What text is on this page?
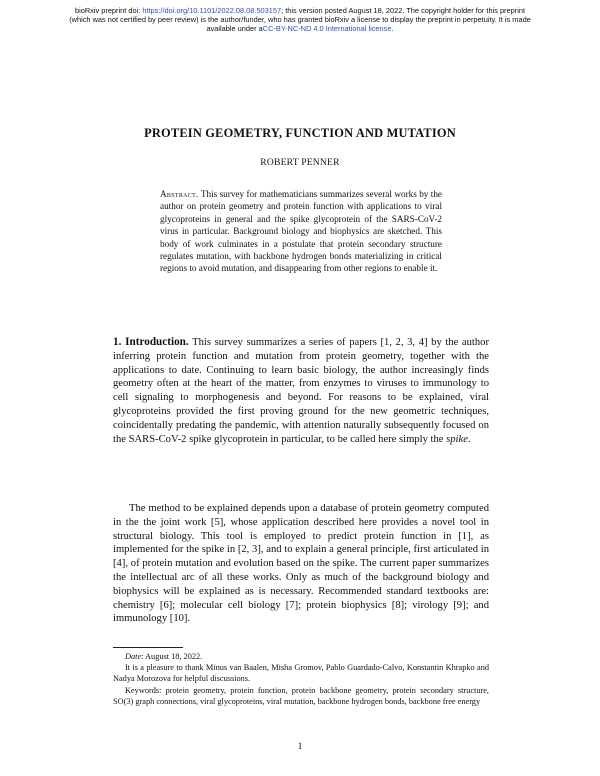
bioRxiv preprint doi: https://doi.org/10.1101/2022.08.08.503157; this version posted August 18, 2022. The copyright holder for this preprint
(which was not certified by peer review) is the author/funder, who has granted bioRxiv a license to display the preprint in perpetuity. It is made
available under aCC-BY-NC-ND 4.0 International license.
PROTEIN GEOMETRY, FUNCTION AND MUTATION
ROBERT PENNER

Abstract. This survey for mathematicians summarizes several works by the author on protein geometry and protein function with applications to viral glycoproteins in general and the spike glycoprotein of the SARS-CoV-2 virus in particular. Background biology and biophysics are sketched. This body of work culminates in a postulate that protein secondary structure regulates mutation, with backbone hydrogen bonds materializing in critical regions to avoid mutation, and disappearing from other regions to enable it.

1. Introduction. This survey summarizes a series of papers [1, 2, 3, 4] by the author inferring protein function and mutation from protein geometry, together with the applications to date. Continuing to learn basic biology, the author increasingly finds geometry often at the heart of the matter, from enzymes to viruses to immunology to cell signaling to morphogenesis and beyond. For reasons to be explained, viral glycoproteins provided the first proving ground for the new geometric techniques, coincidentally predating the pandemic, with attention naturally subsequently focused on the SARS-CoV-2 spike glycoprotein in particular, to be called here simply the spike.

The method to be explained depends upon a database of protein geometry computed in the the joint work [5], whose application described here provides a novel tool in structural biology. This tool is employed to predict protein function in [1], as implemented for the spike in [2, 3], and to explain a general principle, first articulated in [4], of protein mutation and evolution based on the spike. The current paper summarizes the intellectual arc of all these works. Only as much of the background biology and biophysics will be explained as is necessary. Recommended standard textbooks are: chemistry [6]; molecular cell biology [7]; protein biophysics [8]; virology [9]; and immunology [10].

Date: August 18, 2022.

It is a pleasure to thank Minus van Baalen, Misha Gromov, Pablo Guardado-Calvo, Konstantin Khrapko and Nadya Morozova for helpful discussions.

Keywords: protein geometry, protein function, protein backbone geometry, protein secondary structure, SO(3) graph connections, viral glycoproteins, viral mutation, backbone hydrogen bonds, backbone free energy

1
